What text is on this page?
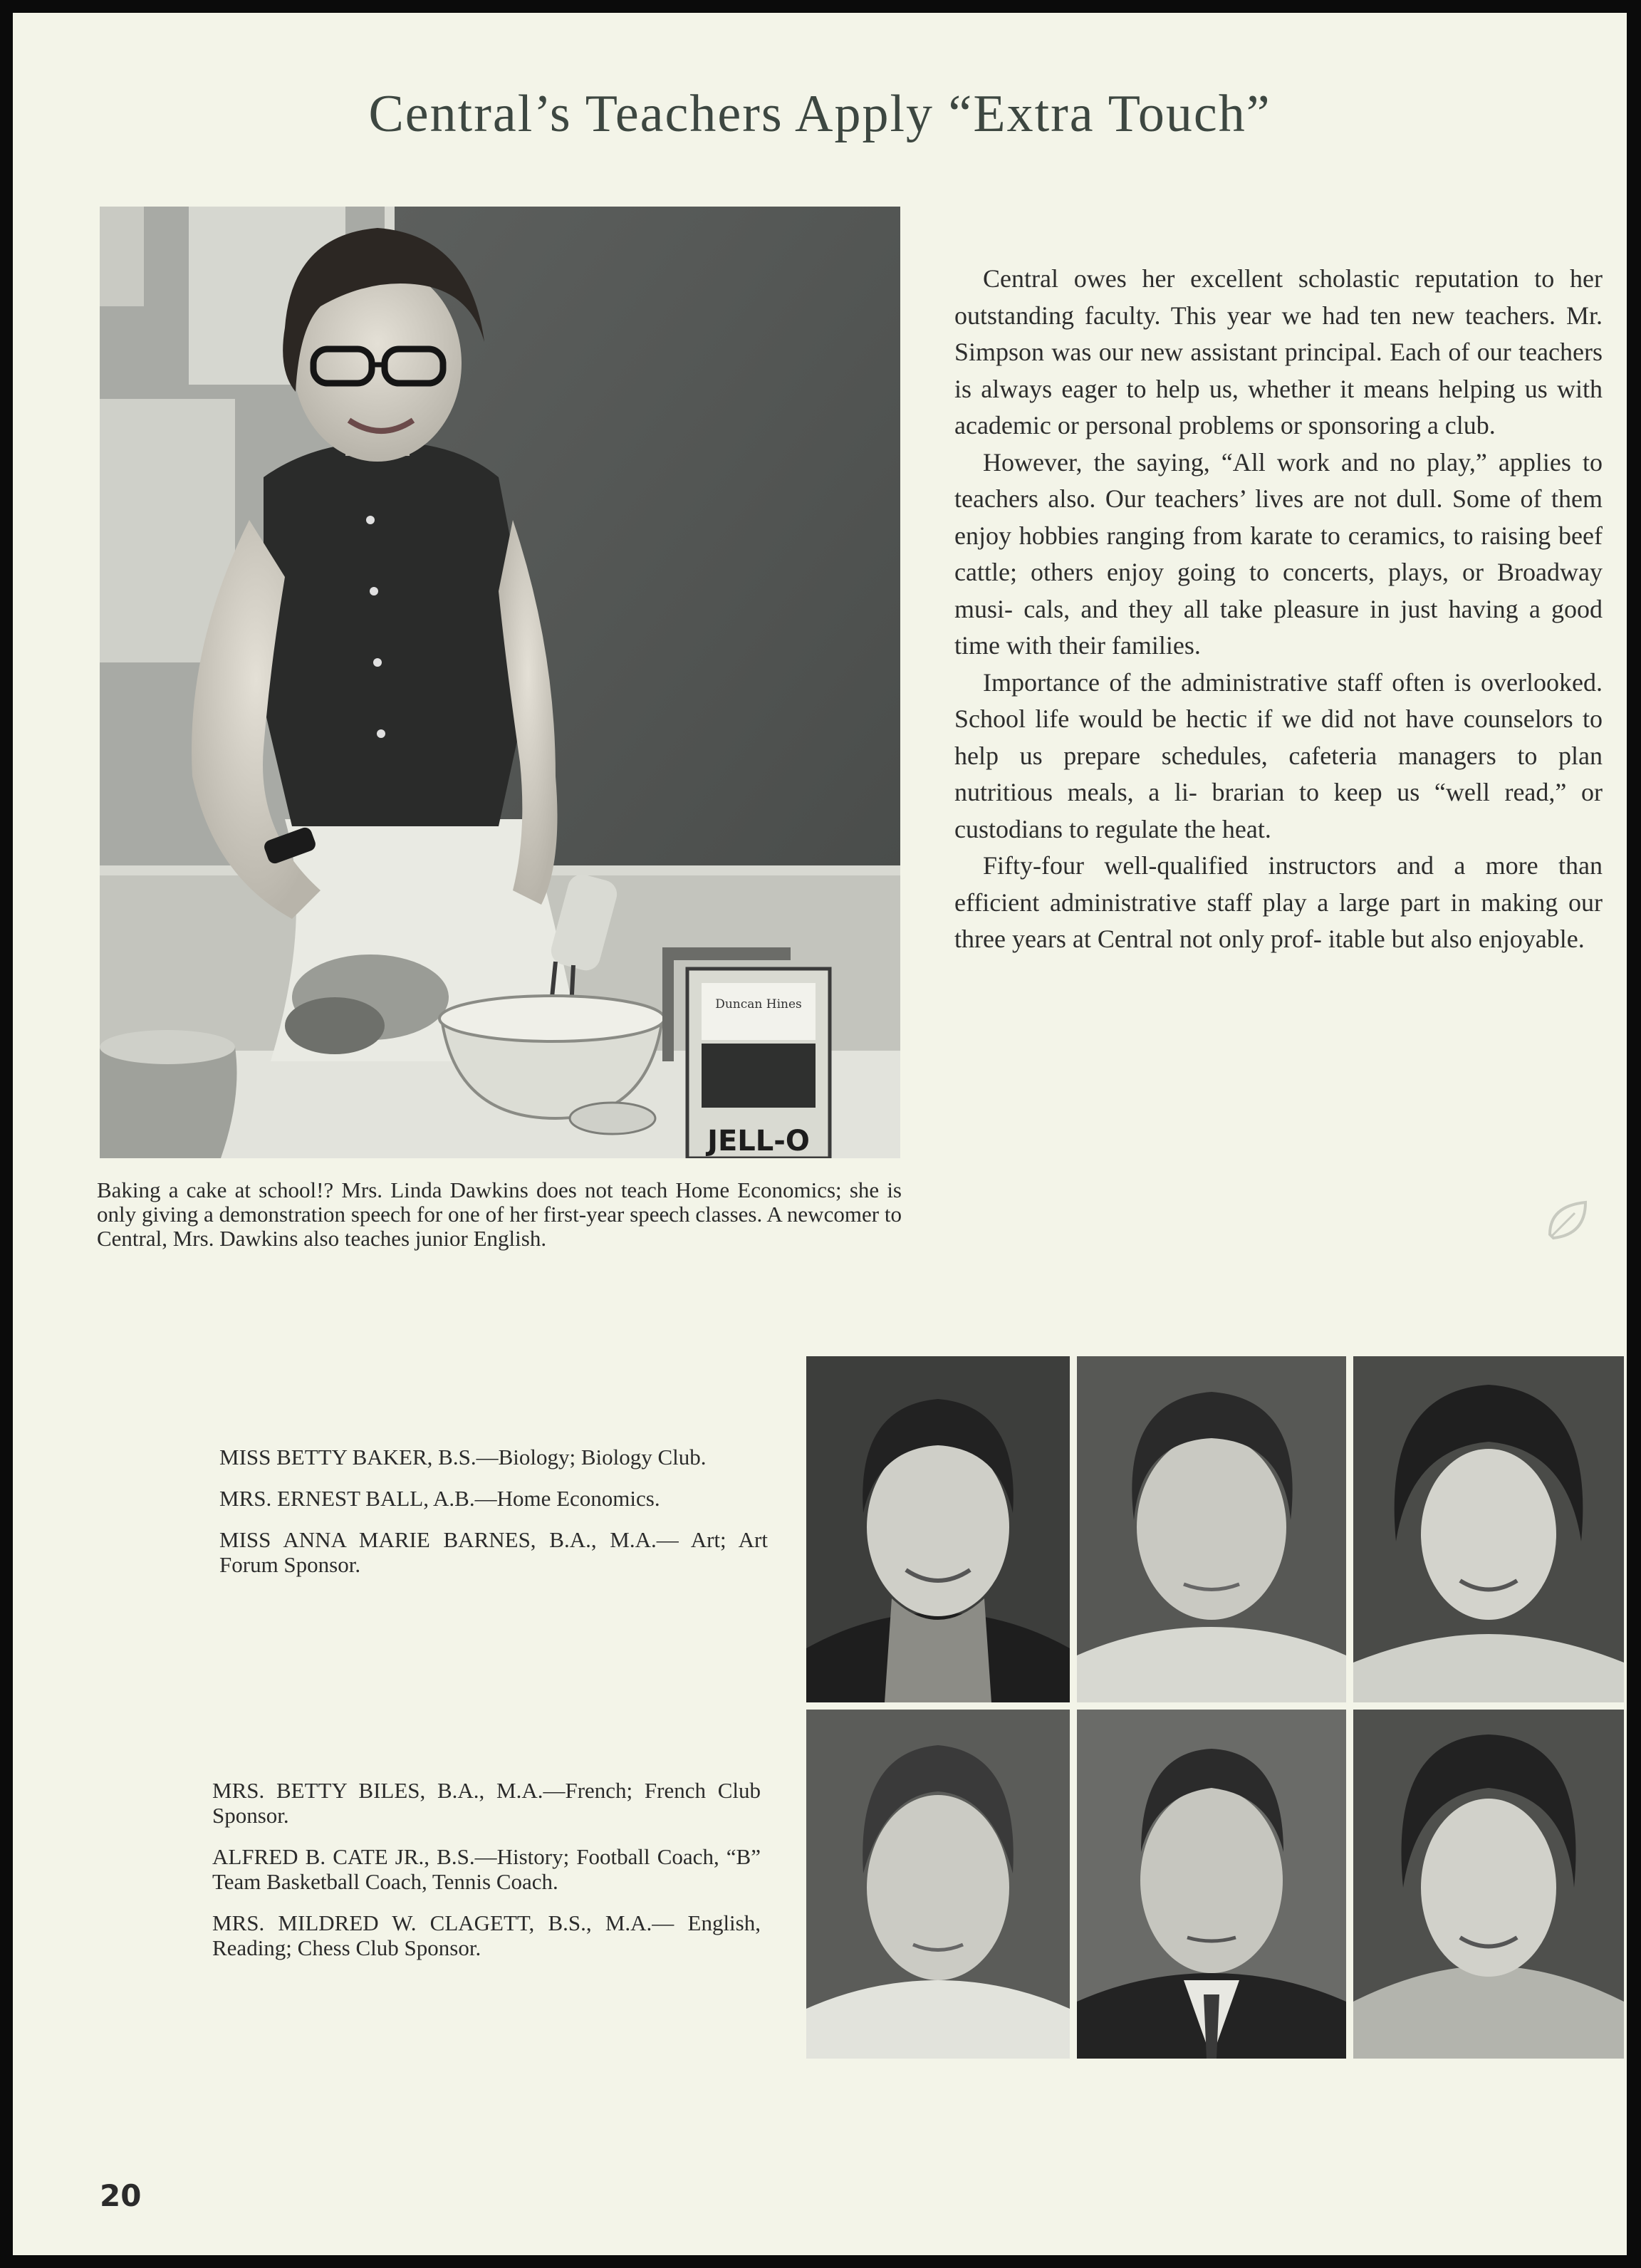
Central’s Teachers Apply “Extra Touch”
Duncan Hines
JELL-O
Baking a cake at school!? Mrs. Linda Dawkins does not teach Home Economics; she is only giving a demonstration speech for one of her first-year speech classes. A newcomer to Central, Mrs. Dawkins also teaches junior English.

Central owes her excellent scholastic reputation to her outstanding faculty. This year we had ten new teachers. Mr. Simpson was our new assistant principal. Each of our teachers is always eager to help us, whether it means helping us with academic or personal problems or sponsoring a club.

However, the saying, “All work and no play,” applies to teachers also. Our teachers’ lives are not dull. Some of them enjoy hobbies ranging from karate to ceramics, to raising beef cattle; others enjoy going to concerts, plays, or Broadway musi- cals, and they all take pleasure in just having a good time with their families.

Importance of the administrative staff often is overlooked. School life would be hectic if we did not have counselors to help us prepare schedules, cafeteria managers to plan nutritious meals, a li- brarian to keep us “well read,” or custodians to regulate the heat.

Fifty-four well-qualified instructors and a more than efficient administrative staff play a large part in making our three years at Central not only prof- itable but also enjoyable.

MISS BETTY BAKER, B.S.—Biology; Biology Club.
MRS. ERNEST BALL, A.B.—Home Economics.
MISS ANNA MARIE BARNES, B.A., M.A.— Art; Art Forum Sponsor.
MRS. BETTY BILES, B.A., M.A.—French; French Club Sponsor.
ALFRED B. CATE JR., B.S.—History; Football Coach, “B” Team Basketball Coach, Tennis Coach.
MRS. MILDRED W. CLAGETT, B.S., M.A.— English, Reading; Chess Club Sponsor.
20
